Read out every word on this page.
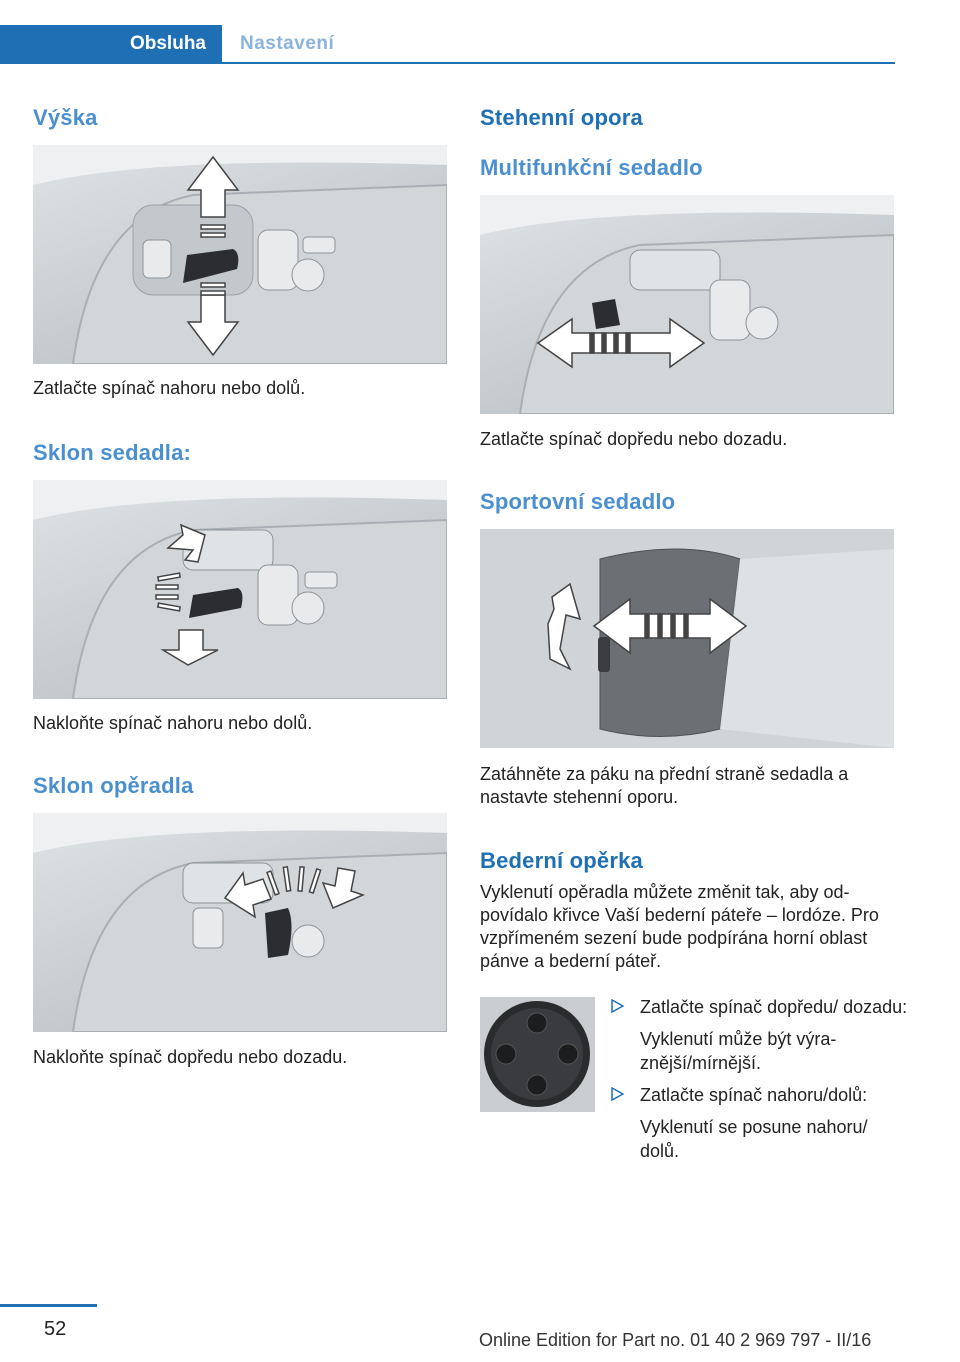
Obsluha	Nastavení
Výška

Zatlačte spínač nahoru nebo dolů.

Sklon sedadla:

Nakloňte spínač nahoru nebo dolů.

Sklon opěradla

Nakloňte spínač dopředu nebo dozadu.

Stehenní opora
Multifunkční sedadlo

Zatlačte spínač dopředu nebo dozadu.

Sportovní sedadlo

Zatáhněte za páku na přední straně sedadla a nastavte stehenní oporu.

Bederní opěrka

Vyklenutí opěradla můžete změnit tak, aby odpovídalo křivce Vaší bederní páteře – lordóze. Pro vzpřímeném sezení bude podpírána horní oblast pánve a bederní páteř.

Zatlačte spínač dopředu/ dozadu:
Vyklenutí může být výraznější/mírnější.
Zatlačte spínač nahoru/dolů:
Vyklenutí se posune nahoru/ dolů.
52	Online Edition for Part no. 01 40 2 969 797 - II/16
